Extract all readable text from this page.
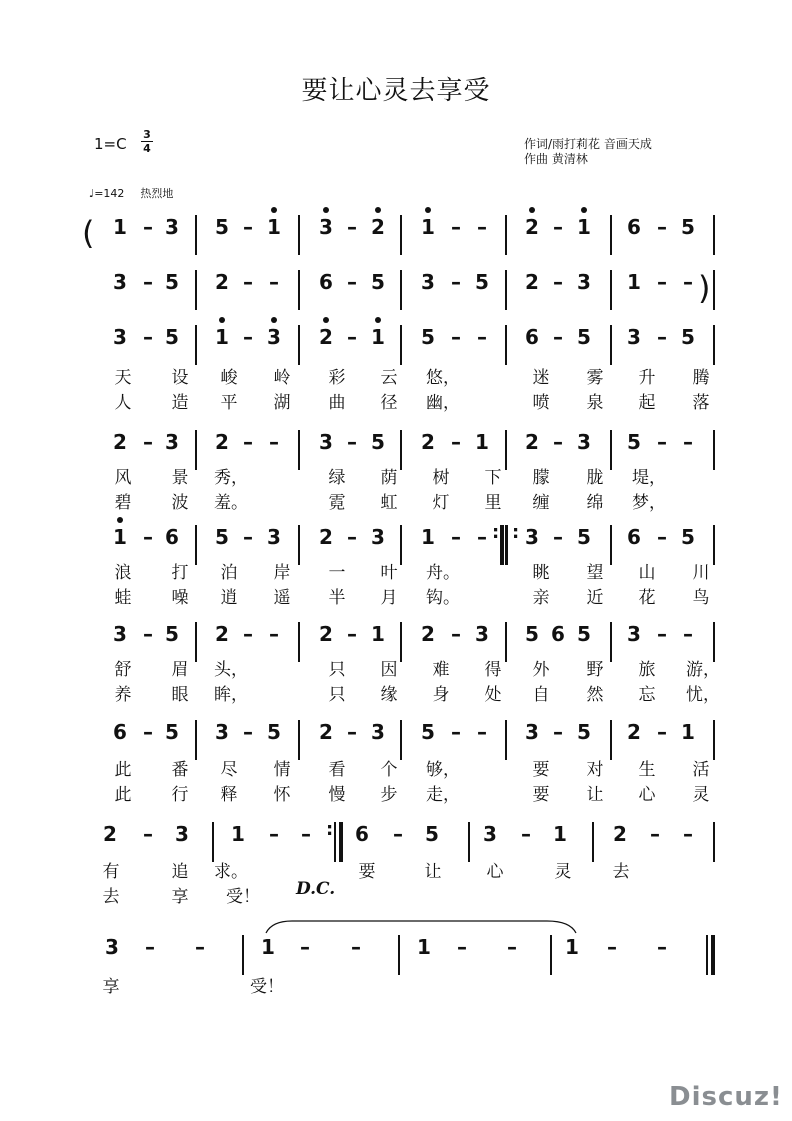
要让心灵去享受
1=C
3
4	作词/雨打莉花 音画天成
作曲 黄清林
♩=142 热烈地
1 – 3	5 – 1	3 – 2	1 – –	2 – 1	6 – 5
(
3 – 5	2 – –	6 – 5	3 – 5	2 – 3	1 – – )
3 – 5	1 – 3	2 – 1	5 – –	6 – 5	3 – 5
天	设	峻	岭	彩	云	悠，	迷	雾	升	腾
人	造	平	湖	曲	径	幽，	喷	泉	起	落
2 – 3	2 – –	3 – 5	2 – 1	2 – 3	5 – –
风	景	秀，	绿	荫	树	下	朦	胧	堤，
碧	波	羞。	霓	虹	灯	里	缠	绵	梦，
1 – 6	5 – 3	2 – 3	1 – –	3 – 5	6 – 5
: :
浪	打	泊	岸	一	叶	舟。	眺	望	山	川
蛙	噪	逍	遥	半	月	钩。	亲	近	花	鸟
3 – 5	2 – –	2 – 1	2 – 3	5 6 5	3 – –
舒	眉	头，	只	因	难	得	外	野	旅	游，
养	眼	眸，	只	缘	身	处	自	然	忘	忧，
6 – 5	3 – 5	2 – 3	5 – –	3 – 5	2 – 1
此	番	尽	情	看	个	够，	要	对	生	活
此	行	释	怀	慢	步	走，	要	让	心	灵
2	–	3	1	–	–	6	–	5	3	–	1	2	–	–
:
D.C.
有	追	求。	要	让	心	灵	去
去	享	受！
3	–	–	1	–	–	1	–	–	1	–	–
享	受！
Discuz!
